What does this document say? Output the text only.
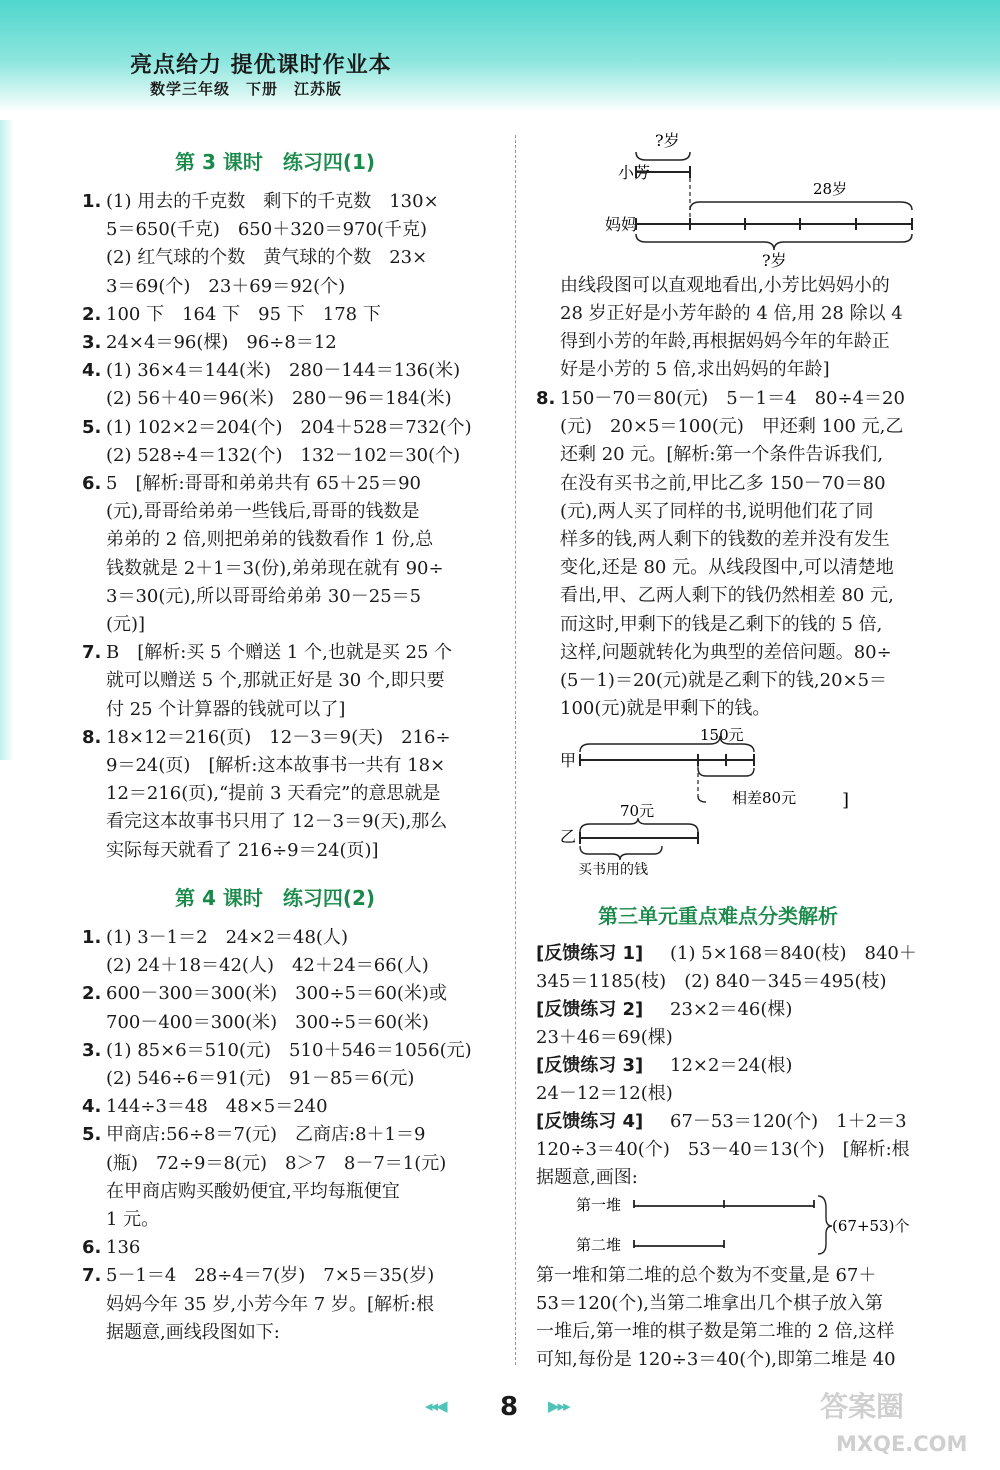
亮点给力 提优课时作业本
数学三年级　下册　江苏版
第 3 课时　练习四(1)
1. (1) 用去的千克数　剩下的千克数　130×
5＝650(千克)　650＋320＝970(千克)
(2) 红气球的个数　黄气球的个数　23×
3＝69(个)　23＋69＝92(个)
2. 100 下　164 下　95 下　178 下
3. 24×4＝96(棵)　96÷8＝12
4. (1) 36×4＝144(米)　280－144＝136(米)
(2) 56＋40＝96(米)　280－96＝184(米)
5. (1) 102×2＝204(个)　204＋528＝732(个)
(2) 528÷4＝132(个)　132－102＝30(个)
6. 5　[解析:哥哥和弟弟共有 65＋25＝90
(元),哥哥给弟弟一些钱后,哥哥的钱数是
弟弟的 2 倍,则把弟弟的钱数看作 1 份,总
钱数就是 2＋1＝3(份),弟弟现在就有 90÷
3＝30(元),所以哥哥给弟弟 30－25＝5
(元)]
7. B　[解析:买 5 个赠送 1 个,也就是买 25 个
就可以赠送 5 个,那就正好是 30 个,即只要
付 25 个计算器的钱就可以了]
8. 18×12＝216(页)　12－3＝9(天)　216÷
9＝24(页)　[解析:这本故事书一共有 18×
12＝216(页),“提前 3 天看完”的意思就是
看完这本故事书只用了 12－3＝9(天),那么
实际每天就看了 216÷9＝24(页)]
第 4 课时　练习四(2)
1. (1) 3－1＝2　24×2＝48(人)
(2) 24＋18＝42(人)　42＋24＝66(人)
2. 600－300＝300(米)　300÷5＝60(米)或
700－400＝300(米)　300÷5＝60(米)
3. (1) 85×6＝510(元)　510＋546＝1056(元)
(2) 546÷6＝91(元)　91－85＝6(元)
4. 144÷3＝48　48×5＝240
5. 甲商店:56÷8＝7(元)　乙商店:8＋1＝9
(瓶)　72÷9＝8(元)　8＞7　8－7＝1(元)
在甲商店购买酸奶便宜,平均每瓶便宜
1 元。
6. 136
7. 5－1＝4　28÷4＝7(岁)　7×5＝35(岁)
妈妈今年 35 岁,小芳今年 7 岁。[解析:根
据题意,画线段图如下:
?岁
小芳
28岁
妈妈
?岁
由线段图可以直观地看出,小芳比妈妈小的
28 岁正好是小芳年龄的 4 倍,用 28 除以 4
得到小芳的年龄,再根据妈妈今年的年龄正
好是小芳的 5 倍,求出妈妈的年龄]
8. 150－70＝80(元)　5－1＝4　80÷4＝20
(元)　20×5＝100(元)　甲还剩 100 元,乙
还剩 20 元。[解析:第一个条件告诉我们,
在没有买书之前,甲比乙多 150－70＝80
(元),两人买了同样的书,说明他们花了同
样多的钱,两人剩下的钱数的差并没有发生
变化,还是 80 元。从线段图中,可以清楚地
看出,甲、乙两人剩下的钱仍然相差 80 元,
而这时,甲剩下的钱是乙剩下的钱的 5 倍,
这样,问题就转化为典型的差倍问题。80÷
(5－1)＝20(元)就是乙剩下的钱,20×5＝
100(元)就是甲剩下的钱。
150元
甲
相差80元	]
70元
乙
买书用的钱
第三单元重点难点分类解析
[反馈练习 1] 　(1) 5×168＝840(枝)　840＋
345＝1185(枝)　(2) 840－345＝495(枝)
[反馈练习 2] 　23×2＝46(棵)
23＋46＝69(棵)
[反馈练习 3] 　12×2＝24(根)
24－12＝12(根)
[反馈练习 4] 　67－53＝120(个)　1＋2＝3
120÷3＝40(个)　53－40＝13(个)　[解析:根
据题意,画图:
第一堆
第二堆
(67+53)个
第一堆和第二堆的总个数为不变量,是 67＋
53＝120(个),当第二堆拿出几个棋子放入第
一堆后,第一堆的棋子数是第二堆的 2 倍,这样
可知,每份是 120÷3＝40(个),即第二堆是 40
◂◂◀ 8 ▶▸▸	答案圈
MXQE.COM
